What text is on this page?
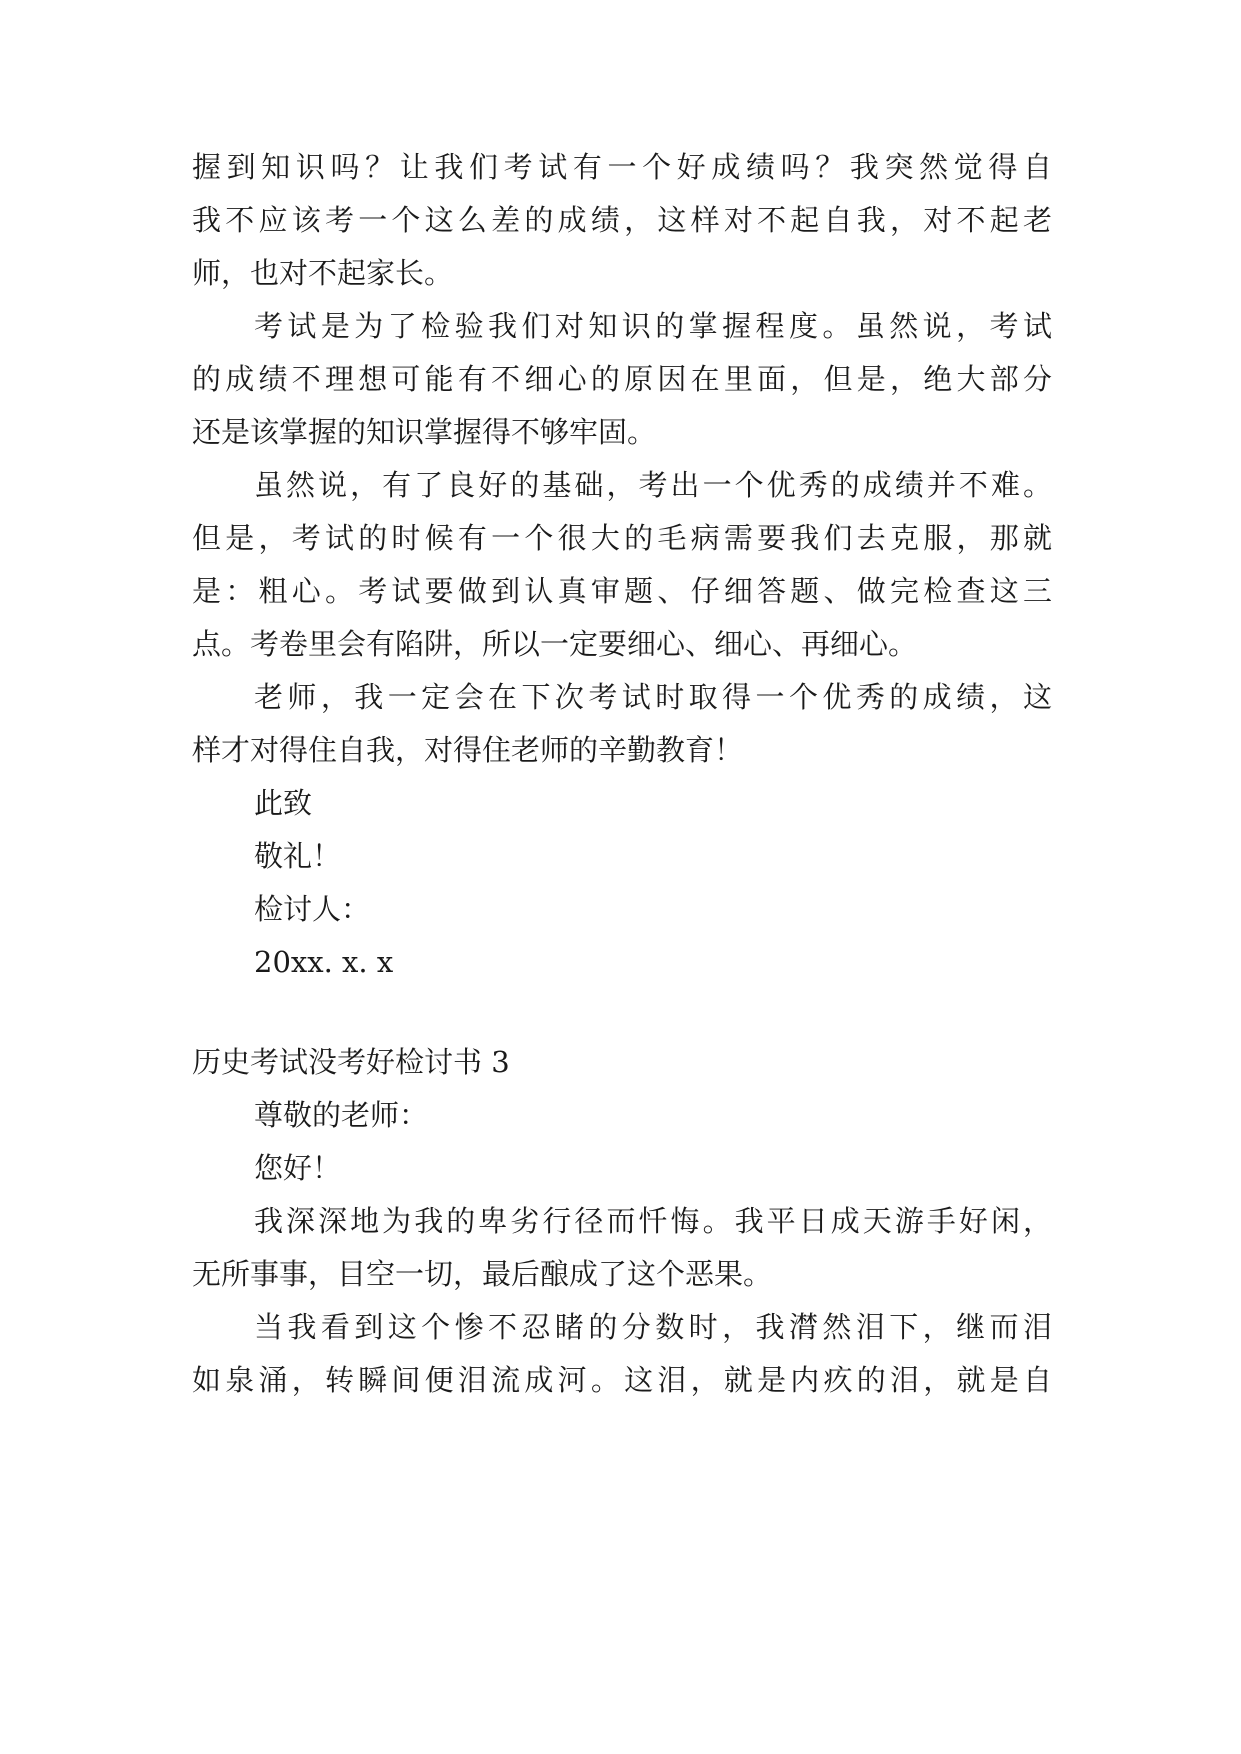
握到知识吗？让我们考试有一个好成绩吗？我突然觉得自
我不应该考一个这么差的成绩，这样对不起自我，对不起老
师，也对不起家长。
考试是为了检验我们对知识的掌握程度。虽然说，考试
的成绩不理想可能有不细心的原因在里面，但是，绝大部分
还是该掌握的知识掌握得不够牢固。
虽然说，有了良好的基础，考出一个优秀的成绩并不难。
但是，考试的时候有一个很大的毛病需要我们去克服，那就
是：粗心。考试要做到认真审题、仔细答题、做完检查这三
点。考卷里会有陷阱，所以一定要细心、细心、再细心。
老师，我一定会在下次考试时取得一个优秀的成绩，这
样才对得住自我，对得住老师的辛勤教育！
此致
敬礼！
检讨人：
20xx. x. x
历史考试没考好检讨书 3
尊敬的老师：
您好！
我深深地为我的卑劣行径而忏悔。我平日成天游手好闲，
无所事事，目空一切，最后酿成了这个恶果。
当我看到这个惨不忍睹的分数时，我潸然泪下，继而泪
如泉涌，转瞬间便泪流成河。这泪，就是内疚的泪，就是自
